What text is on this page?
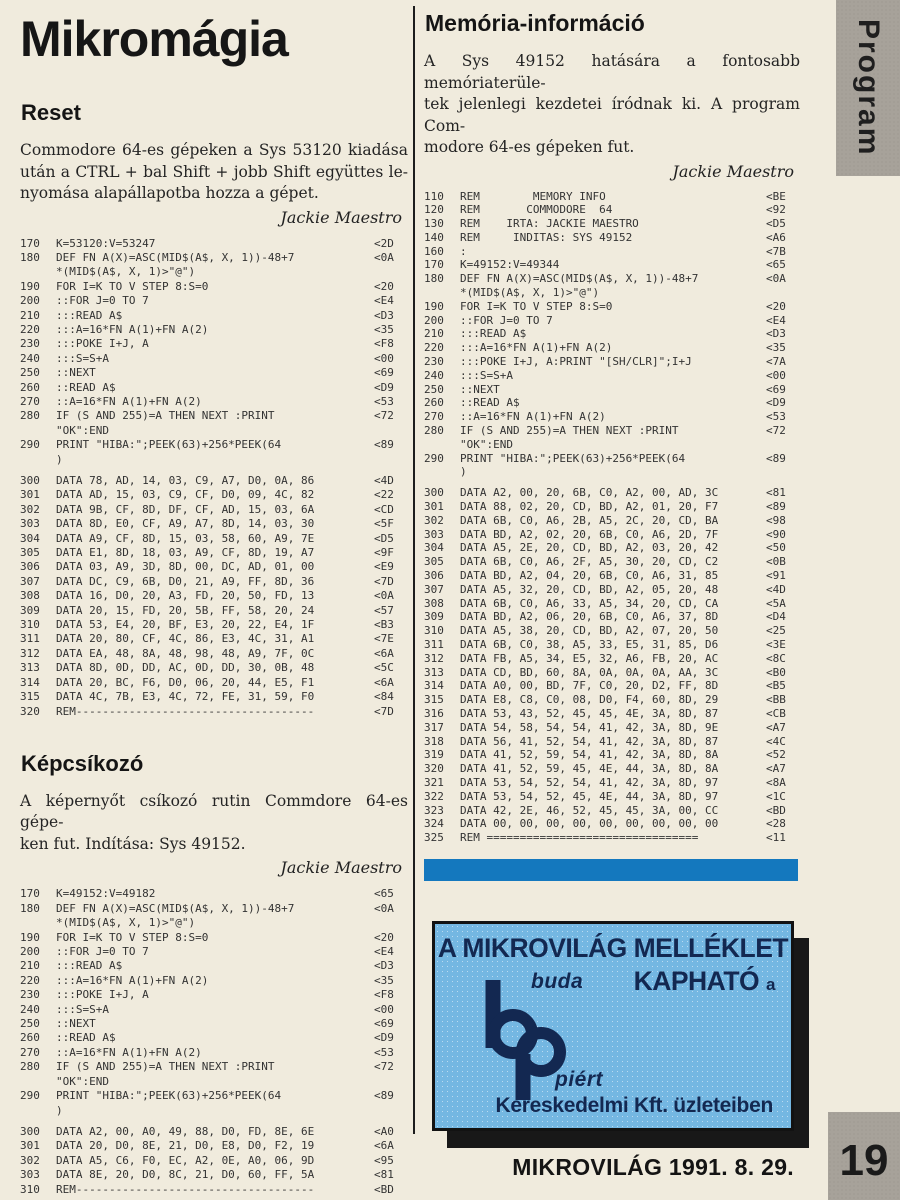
Mikromágia
Reset
Commodore 64-es gépeken a Sys 53120 kiadása
után a CTRL + bal Shift + jobb Shift együttes le-
nyomása alapállapotba hozza a gépet.
Jackie Maestro
170	K=53120:V=53247	<2D
180	DEF FN A(X)=ASC(MID$(A$, X, 1))-48+7	<0A
*(MID$(A$, X, 1)>"@")
190	FOR I=K TO V STEP 8:S=0	<20
200	::FOR J=0 TO 7	<E4
210	:::READ A$	<D3
220	:::A=16*FN A(1)+FN A(2)	<35
230	:::POKE I+J, A	<F8
240	:::S=S+A	<00
250	::NEXT	<69
260	::READ A$	<D9
270	::A=16*FN A(1)+FN A(2)	<53
280	IF (S AND 255)=A THEN NEXT :PRINT	<72
"OK":END
290	PRINT "HIBA:";PEEK(63)+256*PEEK(64	<89
)
300	DATA 78, AD, 14, 03, C9, A7, D0, 0A, 86	<4D
301	DATA AD, 15, 03, C9, CF, D0, 09, 4C, 82	<22
302	DATA 9B, CF, 8D, DF, CF, AD, 15, 03, 6A	<CD
303	DATA 8D, E0, CF, A9, A7, 8D, 14, 03, 30	<5F
304	DATA A9, CF, 8D, 15, 03, 58, 60, A9, 7E	<D5
305	DATA E1, 8D, 18, 03, A9, CF, 8D, 19, A7	<9F
306	DATA 03, A9, 3D, 8D, 00, DC, AD, 01, 00	<E9
307	DATA DC, C9, 6B, D0, 21, A9, FF, 8D, 36	<7D
308	DATA 16, D0, 20, A3, FD, 20, 50, FD, 13	<0A
309	DATA 20, 15, FD, 20, 5B, FF, 58, 20, 24	<57
310	DATA 53, E4, 20, BF, E3, 20, 22, E4, 1F	<B3
311	DATA 20, 80, CF, 4C, 86, E3, 4C, 31, A1	<7E
312	DATA EA, 48, 8A, 48, 98, 48, A9, 7F, 0C	<6A
313	DATA 8D, 0D, DD, AC, 0D, DD, 30, 0B, 48	<5C
314	DATA 20, BC, F6, D0, 06, 20, 44, E5, F1	<6A
315	DATA 4C, 7B, E3, 4C, 72, FE, 31, 59, F0	<84
320	REM------------------------------------	<7D
Képcsíkozó
A képernyőt csíkozó rutin Commdore 64-es gépe-
ken fut. Indítása: Sys 49152.
Jackie Maestro
170	K=49152:V=49182	<65
180	DEF FN A(X)=ASC(MID$(A$, X, 1))-48+7	<0A
*(MID$(A$, X, 1)>"@")
190	FOR I=K TO V STEP 8:S=0	<20
200	::FOR J=0 TO 7	<E4
210	:::READ A$	<D3
220	:::A=16*FN A(1)+FN A(2)	<35
230	:::POKE I+J, A	<F8
240	:::S=S+A	<00
250	::NEXT	<69
260	::READ A$	<D9
270	::A=16*FN A(1)+FN A(2)	<53
280	IF (S AND 255)=A THEN NEXT :PRINT	<72
"OK":END
290	PRINT "HIBA:";PEEK(63)+256*PEEK(64	<89
)
300	DATA A2, 00, A0, 49, 88, D0, FD, 8E, 6E	<A0
301	DATA 20, D0, 8E, 21, D0, E8, D0, F2, 19	<6A
302	DATA A5, C6, F0, EC, A2, 0E, A0, 06, 9D	<95
303	DATA 8E, 20, D0, 8C, 21, D0, 60, FF, 5A	<81
310	REM------------------------------------	<BD
Memória-információ
A Sys 49152 hatására a fontosabb memóriaterüle-
tek jelenlegi kezdetei íródnak ki. A program Com-
modore 64-es gépeken fut.
Jackie Maestro
110	REM        MEMORY INFO	<BE
120	REM       COMMODORE  64	<92
130	REM    IRTA: JACKIE MAESTRO	<D5
140	REM     INDITAS: SYS 49152	<A6
160	:	<7B
170	K=49152:V=49344	<65
180	DEF FN A(X)=ASC(MID$(A$, X, 1))-48+7	<0A
*(MID$(A$, X, 1)>"@")
190	FOR I=K TO V STEP 8:S=0	<20
200	::FOR J=0 TO 7	<E4
210	:::READ A$	<D3
220	:::A=16*FN A(1)+FN A(2)	<35
230	:::POKE I+J, A:PRINT "[SH/CLR]";I+J	<7A
240	:::S=S+A	<00
250	::NEXT	<69
260	::READ A$	<D9
270	::A=16*FN A(1)+FN A(2)	<53
280	IF (S AND 255)=A THEN NEXT :PRINT	<72
"OK":END
290	PRINT "HIBA:";PEEK(63)+256*PEEK(64	<89
)
300	DATA A2, 00, 20, 6B, C0, A2, 00, AD, 3C	<81
301	DATA 88, 02, 20, CD, BD, A2, 01, 20, F7	<89
302	DATA 6B, C0, A6, 2B, A5, 2C, 20, CD, BA	<98
303	DATA BD, A2, 02, 20, 6B, C0, A6, 2D, 7F	<90
304	DATA A5, 2E, 20, CD, BD, A2, 03, 20, 42	<50
305	DATA 6B, C0, A6, 2F, A5, 30, 20, CD, C2	<0B
306	DATA BD, A2, 04, 20, 6B, C0, A6, 31, 85	<91
307	DATA A5, 32, 20, CD, BD, A2, 05, 20, 48	<4D
308	DATA 6B, C0, A6, 33, A5, 34, 20, CD, CA	<5A
309	DATA BD, A2, 06, 20, 6B, C0, A6, 37, 8D	<D4
310	DATA A5, 38, 20, CD, BD, A2, 07, 20, 50	<25
311	DATA 6B, C0, 38, A5, 33, E5, 31, 85, D6	<3E
312	DATA FB, A5, 34, E5, 32, A6, FB, 20, AC	<8C
313	DATA CD, BD, 60, 8A, 0A, 0A, 0A, AA, 3C	<B0
314	DATA A0, 00, BD, 7F, C0, 20, D2, FF, 8D	<B5
315	DATA E8, C8, C0, 08, D0, F4, 60, 8D, 29	<BB
316	DATA 53, 43, 52, 45, 45, 4E, 3A, 8D, 87	<CB
317	DATA 54, 58, 54, 54, 41, 42, 3A, 8D, 9E	<A7
318	DATA 56, 41, 52, 54, 41, 42, 3A, 8D, 87	<4C
319	DATA 41, 52, 59, 54, 41, 42, 3A, 8D, 8A	<52
320	DATA 41, 52, 59, 45, 4E, 44, 3A, 8D, 8A	<A7
321	DATA 53, 54, 52, 54, 41, 42, 3A, 8D, 97	<8A
322	DATA 53, 54, 52, 45, 4E, 44, 3A, 8D, 97	<1C
323	DATA 42, 2E, 46, 52, 45, 45, 3A, 00, CC	<BD
324	DATA 00, 00, 00, 00, 00, 00, 00, 00, 00	<28
325	REM ================================	<11
A MIKROVILÁG MELLÉKLET
KAPHATÓ a
buda
piért
Kereskedelmi Kft. üzleteiben
Program
19
MIKROVILÁG 1991. 8. 29.
